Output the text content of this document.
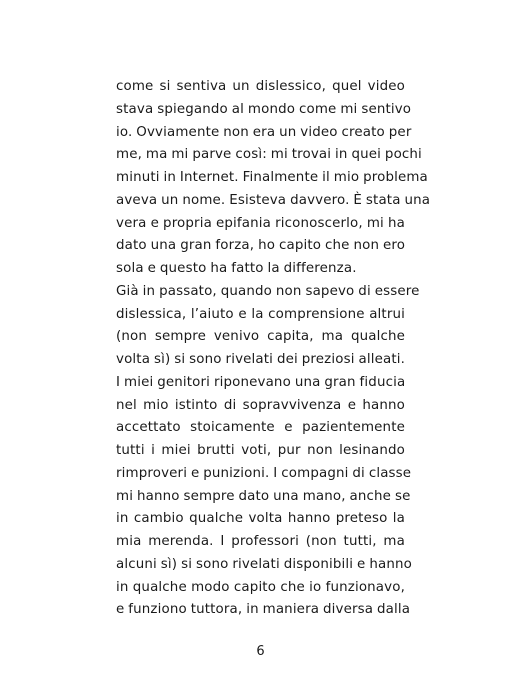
come si sentiva un dislessico, quel video
stava spiegando al mondo come mi sentivo
io. Ovviamente non era un video creato per
me, ma mi parve così: mi trovai in quei pochi
minuti in Internet. Finalmente il mio problema
aveva un nome. Esisteva davvero. È stata una
vera e propria epifania riconoscerlo, mi ha
dato una gran forza, ho capito che non ero
sola e questo ha fatto la differenza.
Già in passato, quando non sapevo di essere
dislessica, l’aiuto e la comprensione altrui
(non sempre venivo capita, ma qualche
volta sì) si sono rivelati dei preziosi alleati.
I miei genitori riponevano una gran fiducia
nel mio istinto di sopravvivenza e hanno
accettato stoicamente e pazientemente
tutti i miei brutti voti, pur non lesinando
rimproveri e punizioni. I compagni di classe
mi hanno sempre dato una mano, anche se
in cambio qualche volta hanno preteso la
mia merenda. I professori (non tutti, ma
alcuni sì) si sono rivelati disponibili e hanno
in qualche modo capito che io funzionavo,
e funziono tuttora, in maniera diversa dalla
6
